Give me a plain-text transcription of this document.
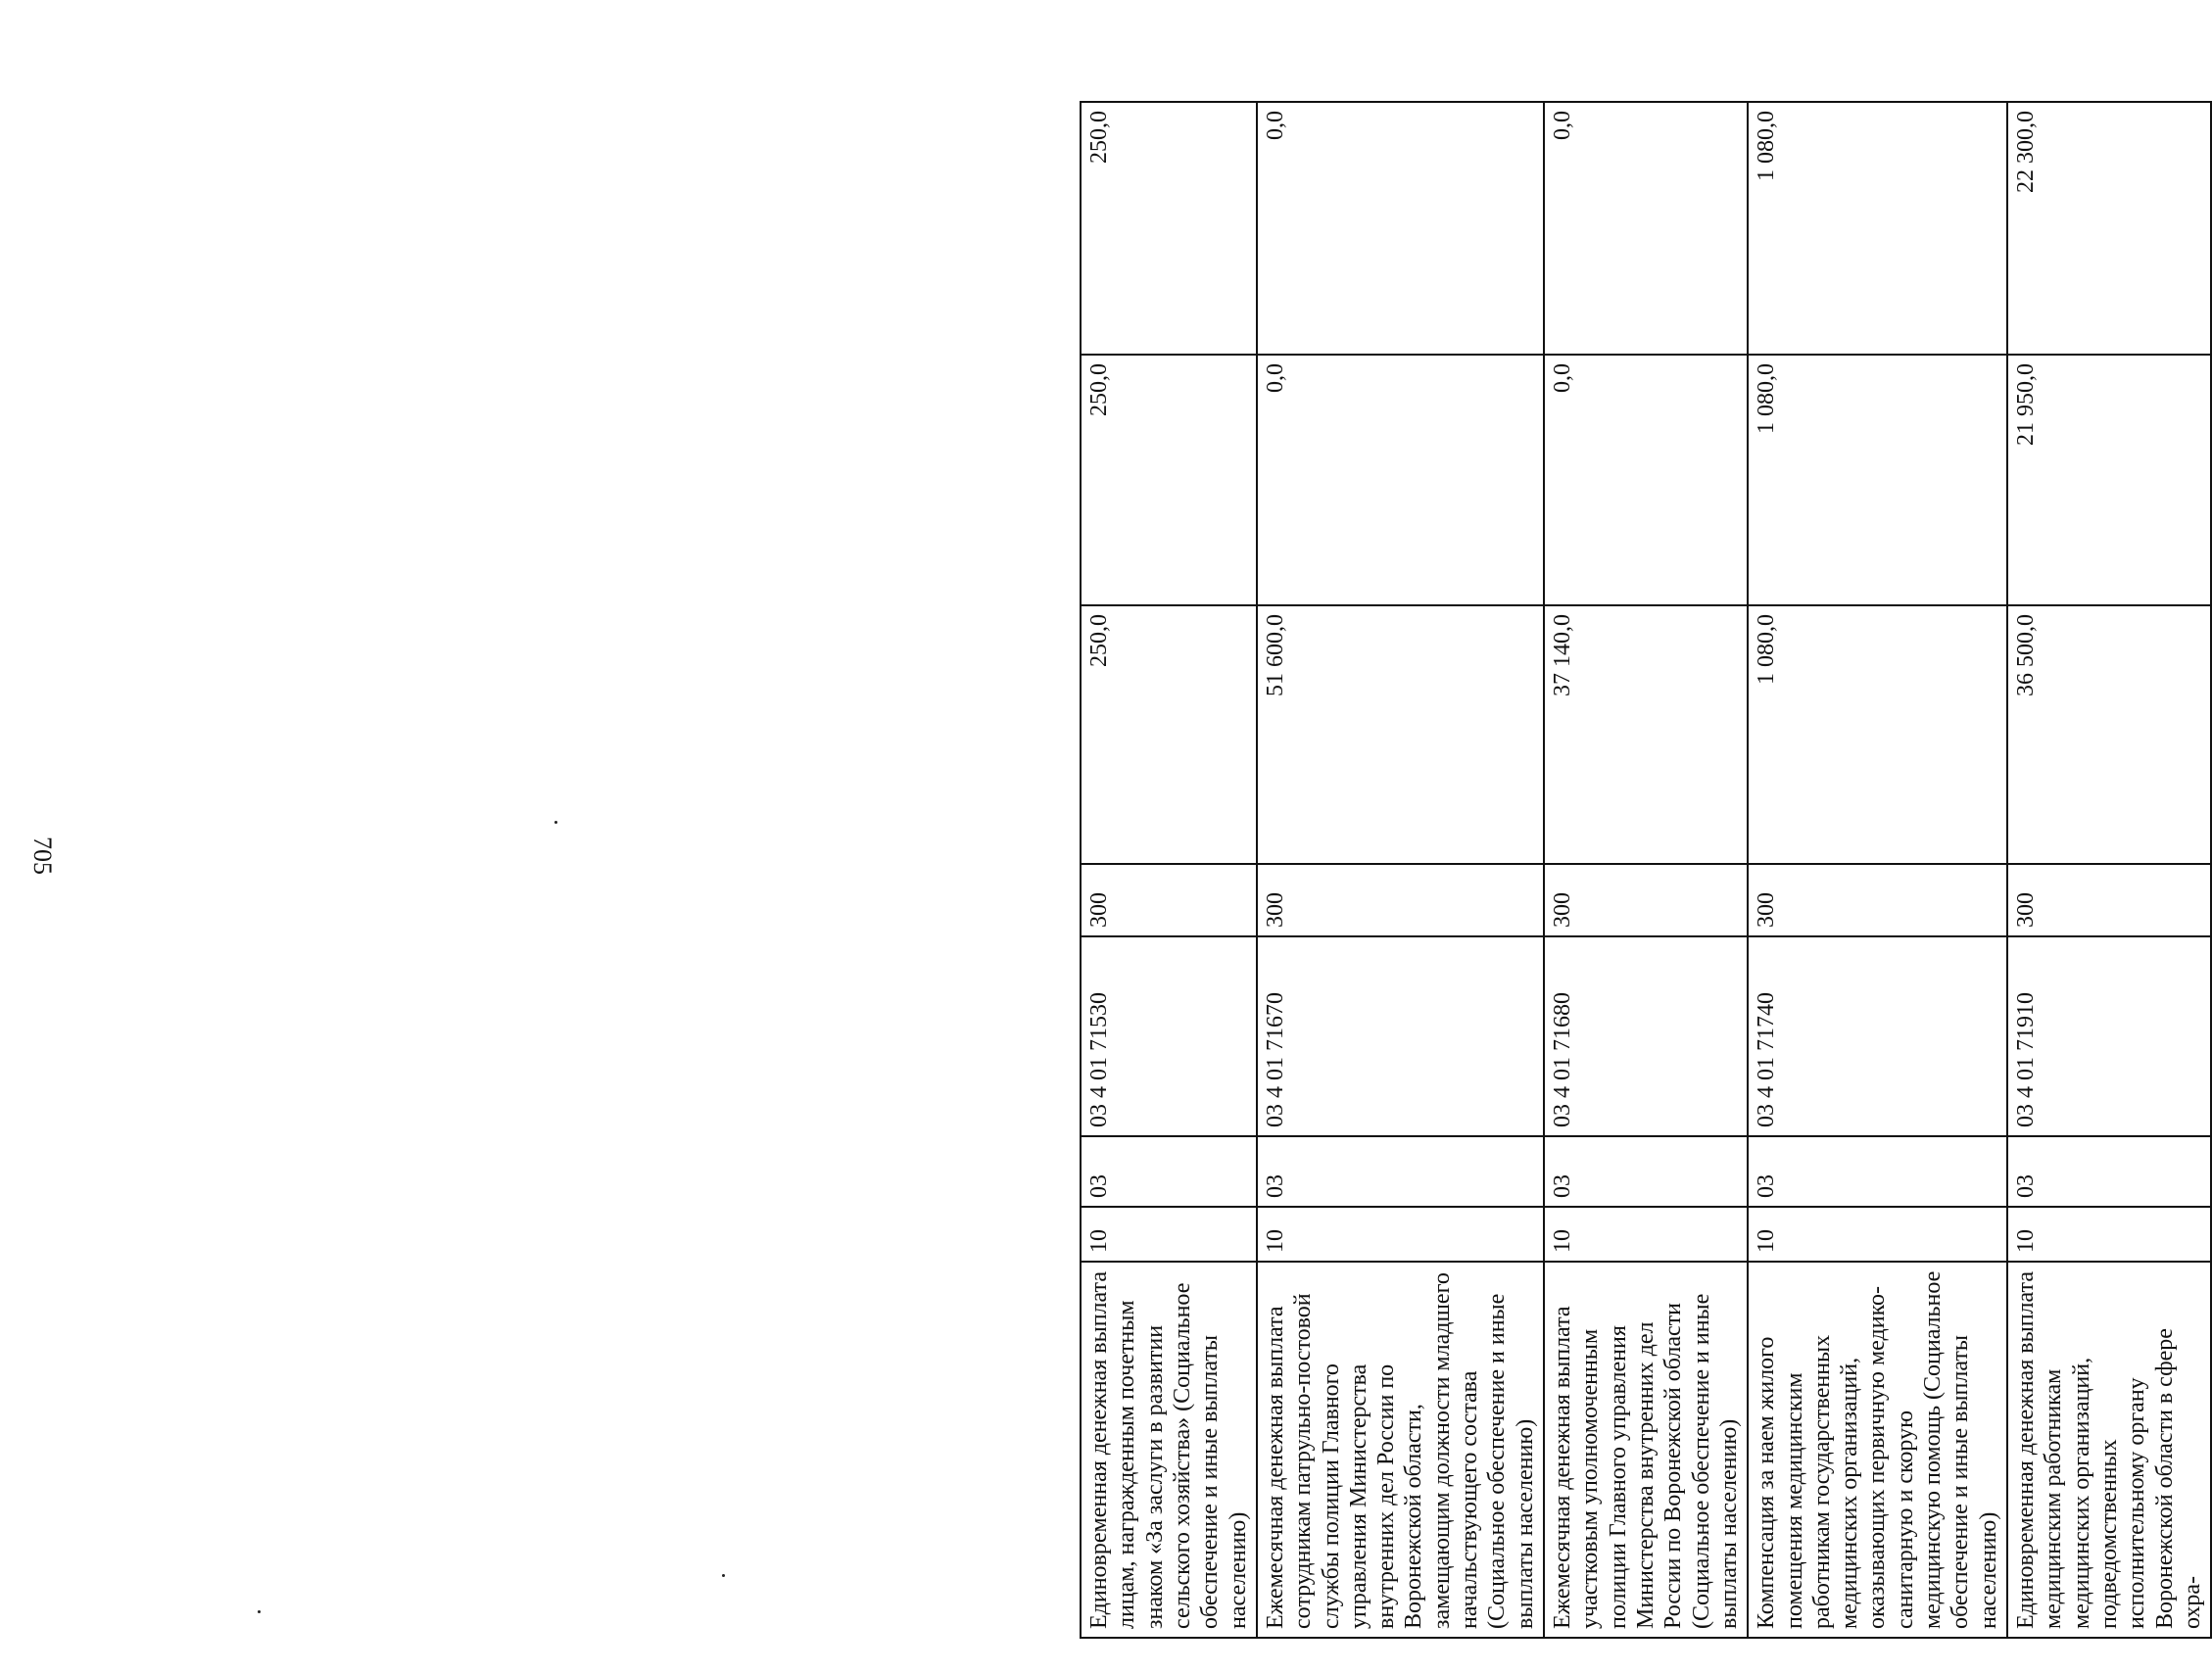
705
Единовременная денежная выплата лицам, награжденным почетным знаком «За заслуги в развитии сельского хозяйства» (Социальное обеспечение и иные выплаты населению)	10	03	03 4 01 71530	300	250,0	250,0	250,0
Ежемесячная денежная выплата сотрудникам патрульно-постовой службы полиции Главного управления Министерства внутренних дел России по Воронежской области, замещающим должности младшего начальствующего состава (Социальное обеспечение и иные выплаты населению)	10	03	03 4 01 71670	300	51 600,0	0,0	0,0
Ежемесячная денежная выплата участковым уполномоченным полиции Главного управления Министерства внутренних дел России по Воронежской области (Социальное обеспечение и иные выплаты населению)	10	03	03 4 01 71680	300	37 140,0	0,0	0,0
Компенсация за наем жилого помещения медицинским работникам государственных медицинских организаций, оказывающих первичную медико-санитарную и скорую медицинскую помощь (Социальное обеспечение и иные выплаты населению)	10	03	03 4 01 71740	300	1 080,0	1 080,0	1 080,0
Единовременная денежная выплата медицинским работникам медицинских организаций, подведомственных исполнительному органу Воронежской области в сфере охра-	10	03	03 4 01 71910	300	36 500,0	21 950,0	22 300,0
